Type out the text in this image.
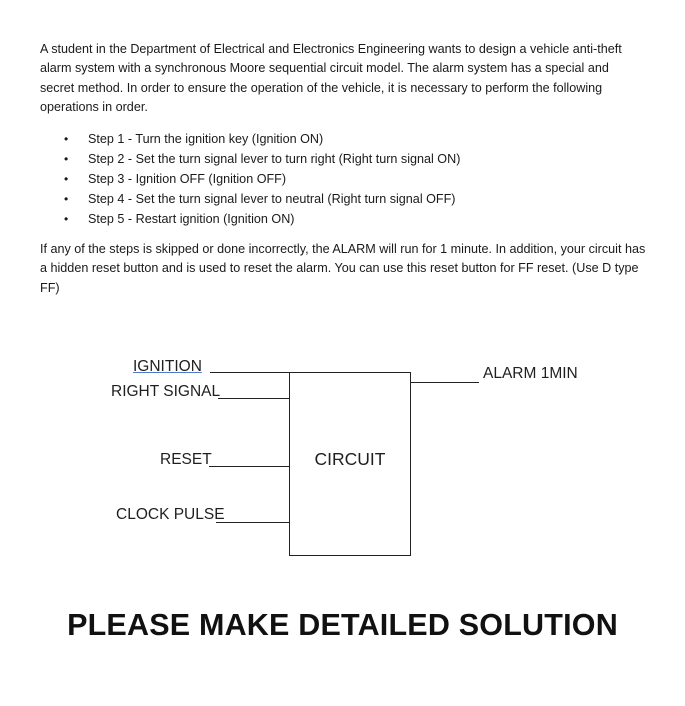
A student in the Department of Electrical and Electronics Engineering wants to design a vehicle anti-theft alarm system with a synchronous Moore sequential circuit model. The alarm system has a special and secret method. In order to ensure the operation of the vehicle, it is necessary to perform the following operations in order.

• Step 1 - Turn the ignition key (Ignition ON)
• Step 2 - Set the turn signal lever to turn right (Right turn signal ON)
• Step 3 - Ignition OFF (Ignition OFF)
• Step 4 - Set the turn signal lever to neutral (Right turn signal OFF)
• Step 5 - Restart ignition (Ignition ON)

If any of the steps is skipped or done incorrectly, the ALARM will run for 1 minute. In addition, your circuit has a hidden reset button and is used to reset the alarm. You can use this reset button for FF reset. (Use D type FF)

IGNITION
RIGHT SIGNAL
RESET
CLOCK PULSE
CIRCUIT
ALARM 1MIN
PLEASE MAKE DETAILED SOLUTION
